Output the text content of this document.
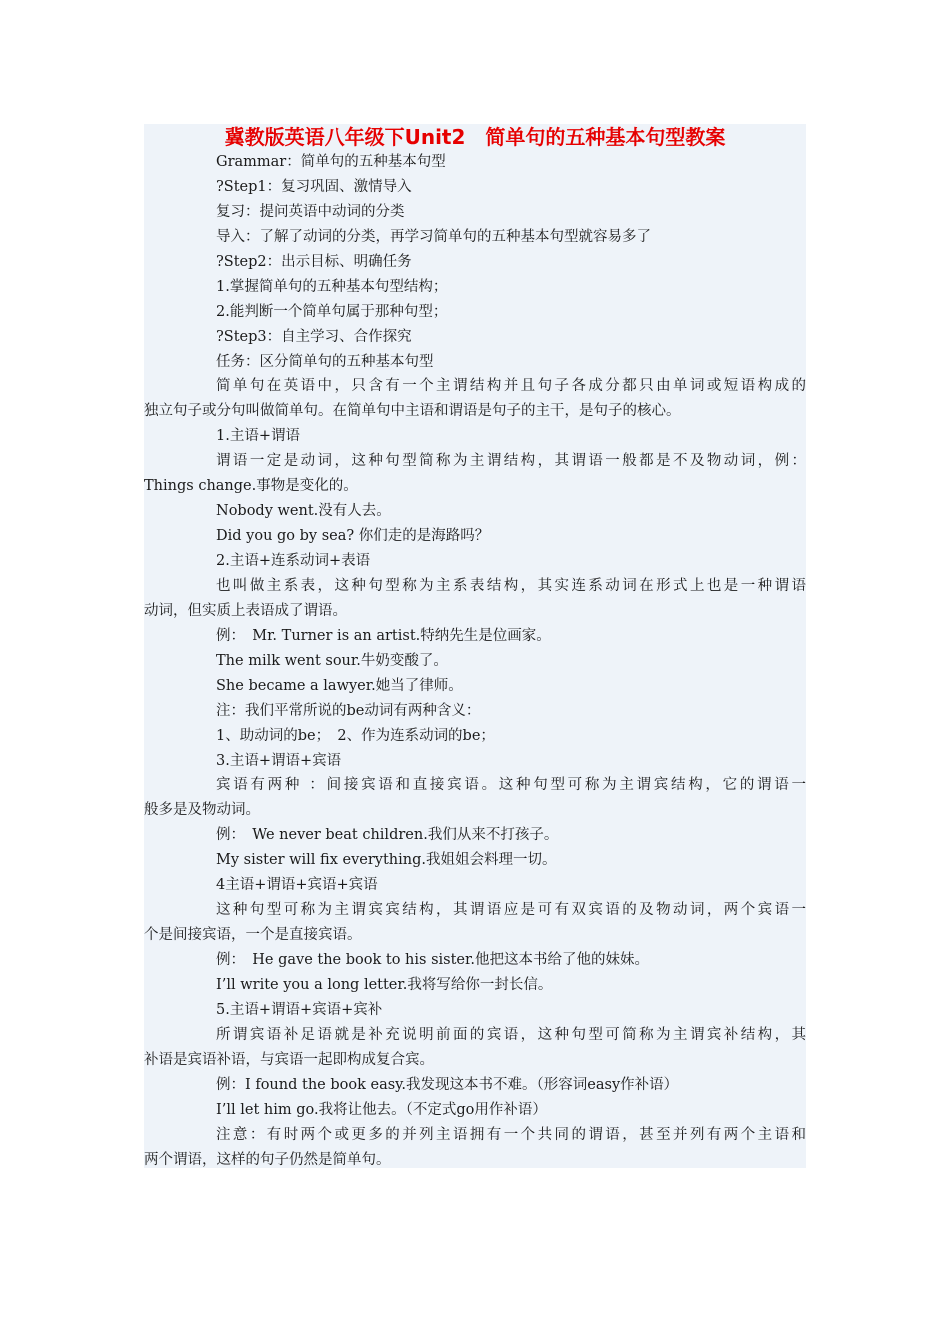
冀教版英语八年级下Unit2　简单句的五种基本句型教案
Grammar：简单句的五种基本句型
?Step1：复习巩固、激情导入
复习：提问英语中动词的分类
导入：了解了动词的分类，再学习简单句的五种基本句型就容易多了
?Step2：出示目标、明确任务
1.掌握简单句的五种基本句型结构；
2.能判断一个简单句属于那种句型；
?Step3：自主学习、合作探究
任务：区分简单句的五种基本句型
简单句在英语中，只含有一个主谓结构并且句子各成分都只由单词或短语构成的
独立句子或分句叫做简单句。在简单句中主语和谓语是句子的主干，是句子的核心。
1.主语+谓语
谓语一定是动词，这种句型简称为主谓结构，其谓语一般都是不及物动词，例：
Things change.事物是变化的。
Nobody went.没有人去。
Did you go by sea? 你们走的是海路吗？
2.主语+连系动词+表语
也叫做主系表，这种句型称为主系表结构，其实连系动词在形式上也是一种谓语
动词，但实质上表语成了谓语。
例：　Mr. Turner is an artist.特纳先生是位画家。
The milk went sour.牛奶变酸了。
She became a lawyer.她当了律师。
注：我们平常所说的be动词有两种含义：
1、助动词的be；　2、作为连系动词的be；
3.主语+谓语+宾语
宾语有两种 ：间接宾语和直接宾语。这种句型可称为主谓宾结构，它的谓语一
般多是及物动词。
例：　We never beat children.我们从来不打孩子。
My sister will fix everything.我姐姐会料理一切。
4主语+谓语+宾语+宾语
这种句型可称为主谓宾宾结构，其谓语应是可有双宾语的及物动词，两个宾语一
个是间接宾语，一个是直接宾语。
例：　He gave the book to his sister.他把这本书给了他的妹妹。
I’ll write you a long letter.我将写给你一封长信。
5.主语+谓语+宾语+宾补
所谓宾语补足语就是补充说明前面的宾语，这种句型可简称为主谓宾补结构，其
补语是宾语补语，与宾语一起即构成复合宾。
例：I found the book easy.我发现这本书不难。（形容词easy作补语）
I’ll let him go.我将让他去。（不定式go用作补语）
注意：有时两个或更多的并列主语拥有一个共同的谓语，甚至并列有两个主语和
两个谓语，这样的句子仍然是简单句。
